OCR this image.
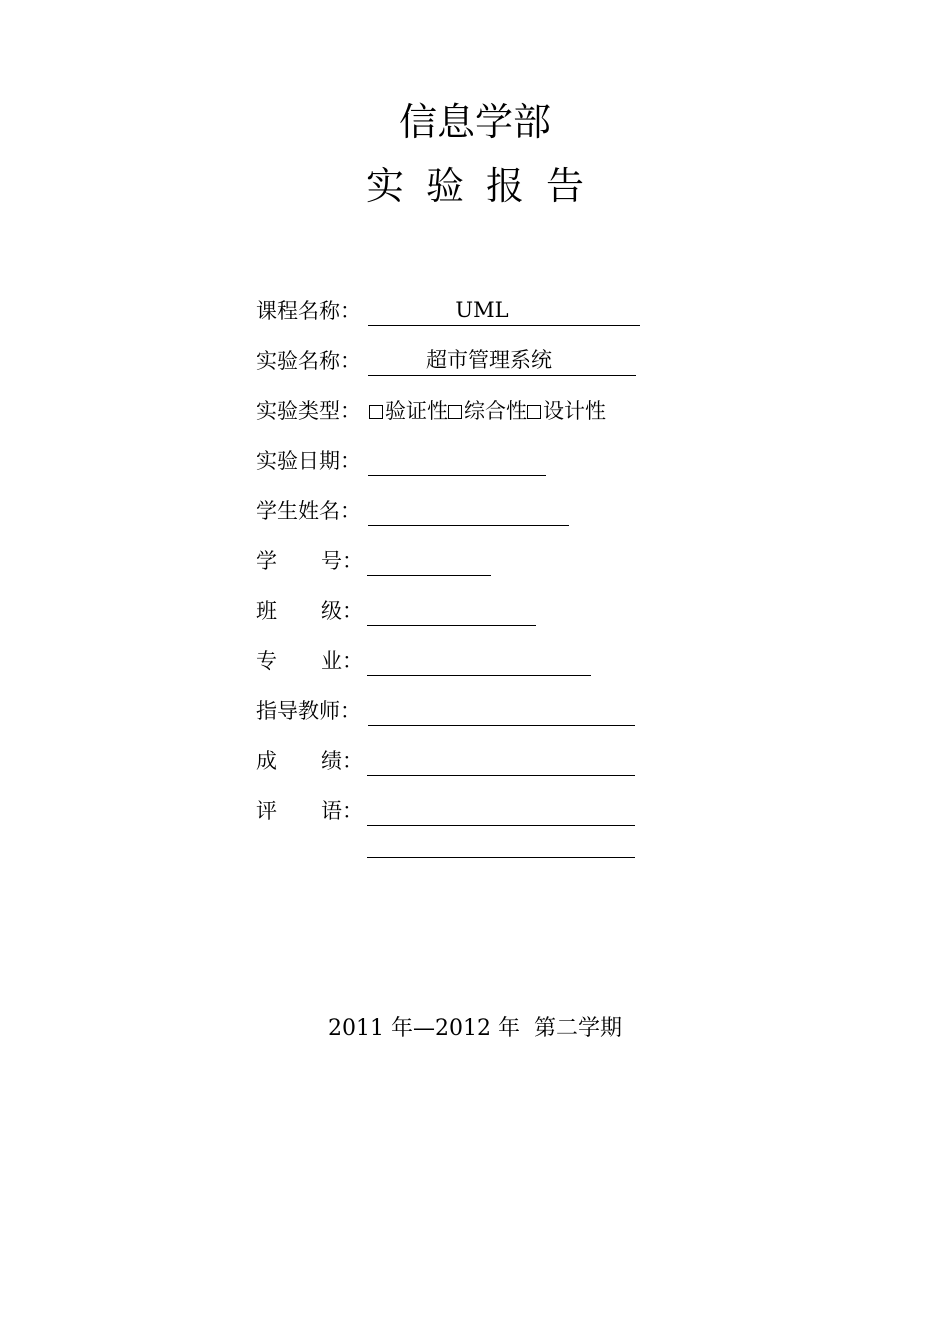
信息学部
实验报告
课程名称：	UML
实验名称：	超市管理系统
实验类型：	验证性 综合性 设计性
实验日期：
学生姓名：
学 号：
班 级：
专 业：
指导教师：
成 绩：
评 语：
2011 年—2012 年  第二学期
